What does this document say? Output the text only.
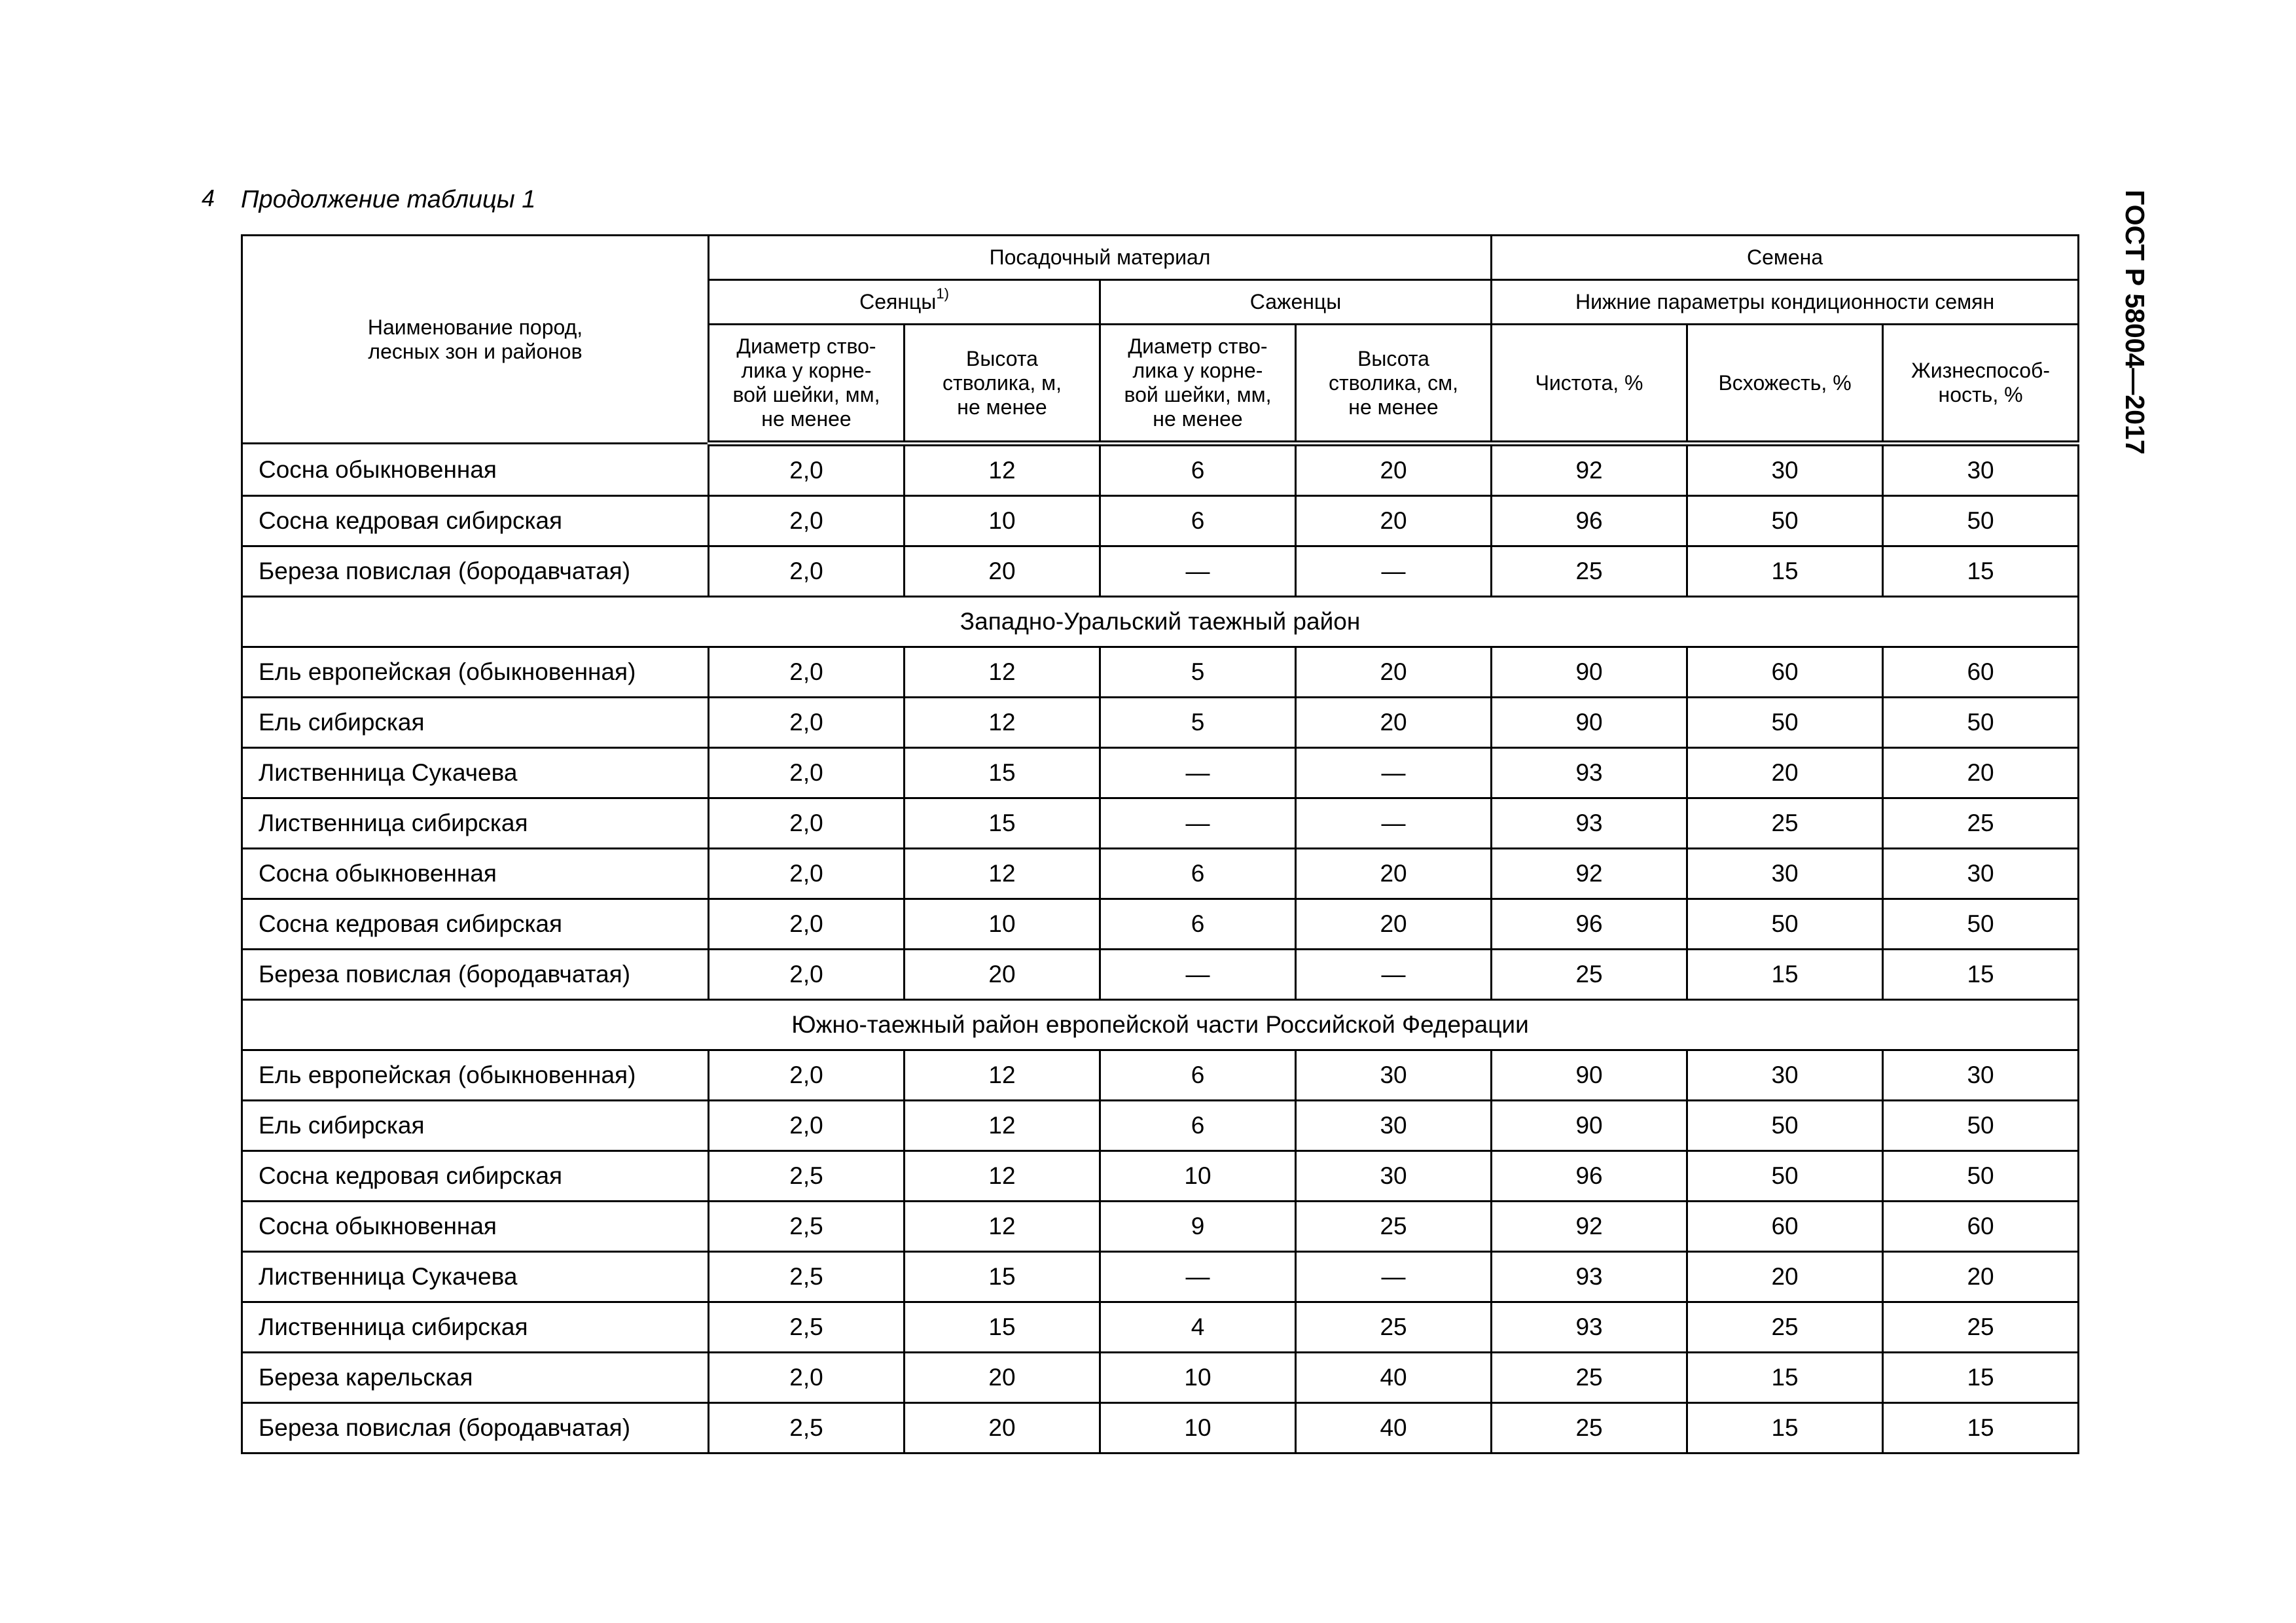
4 Продолжение таблицы 1	ГОСТ Р 58004—2017
Наименование пород, лесных зон и районов	Посадочный материал				Семена		
	Сеянцы$^{1)}$		Саженцы		Нижние параметры кондиционности семян		

	Диаметр ство-лика у корне-вой шейки, мм, не менее	Высота стволика, м, не менее	Диаметр ство-лика у корне-вой шейки, мм, не менее	Высота стволика, см, не менее	Чистота, %	Всхожесть, %	Жизнеспособ-ность, %

Сосна обыкновенная	2,0	12	6	20	92	30	30
Сосна кедровая сибирская	2,0	10	6	20	96	50	50
Береза повислая (бородавчатая)	2,0	20	—	—	25	15	15
Западно-Уральский таежный район							
Ель европейская (обыкновенная)	2,0	12	5	20	90	60	60
Ель сибирская	2,0	12	5	20	90	50	50
Лиственница Сукачева	2,0	15	—	—	93	20	20
Лиственница сибирская	2,0	15	—	—	93	25	25
Сосна обыкновенная	2,0	12	6	20	92	30	30
Сосна кедровая сибирская	2,0	10	6	20	96	50	50
Береза повислая (бородавчатая)	2,0	20	—	—	25	15	15
Южно-таежный район европейской части Российской Федерации							
Ель европейская (обыкновенная)	2,0	12	6	30	90	30	30
Ель сибирская	2,0	12	6	30	90	50	50
Сосна кедровая сибирская	2,5	12	10	30	96	50	50
Сосна обыкновенная	2,5	12	9	25	92	60	60
Лиственница Сукачева	2,5	15	—	—	93	20	20
Лиственница сибирская	2,5	15	4	25	93	25	25
Береза карельская	2,0	20	10	40	25	15	15
Береза повислая (бородавчатая)	2,5	20	10	40	25	15	15
